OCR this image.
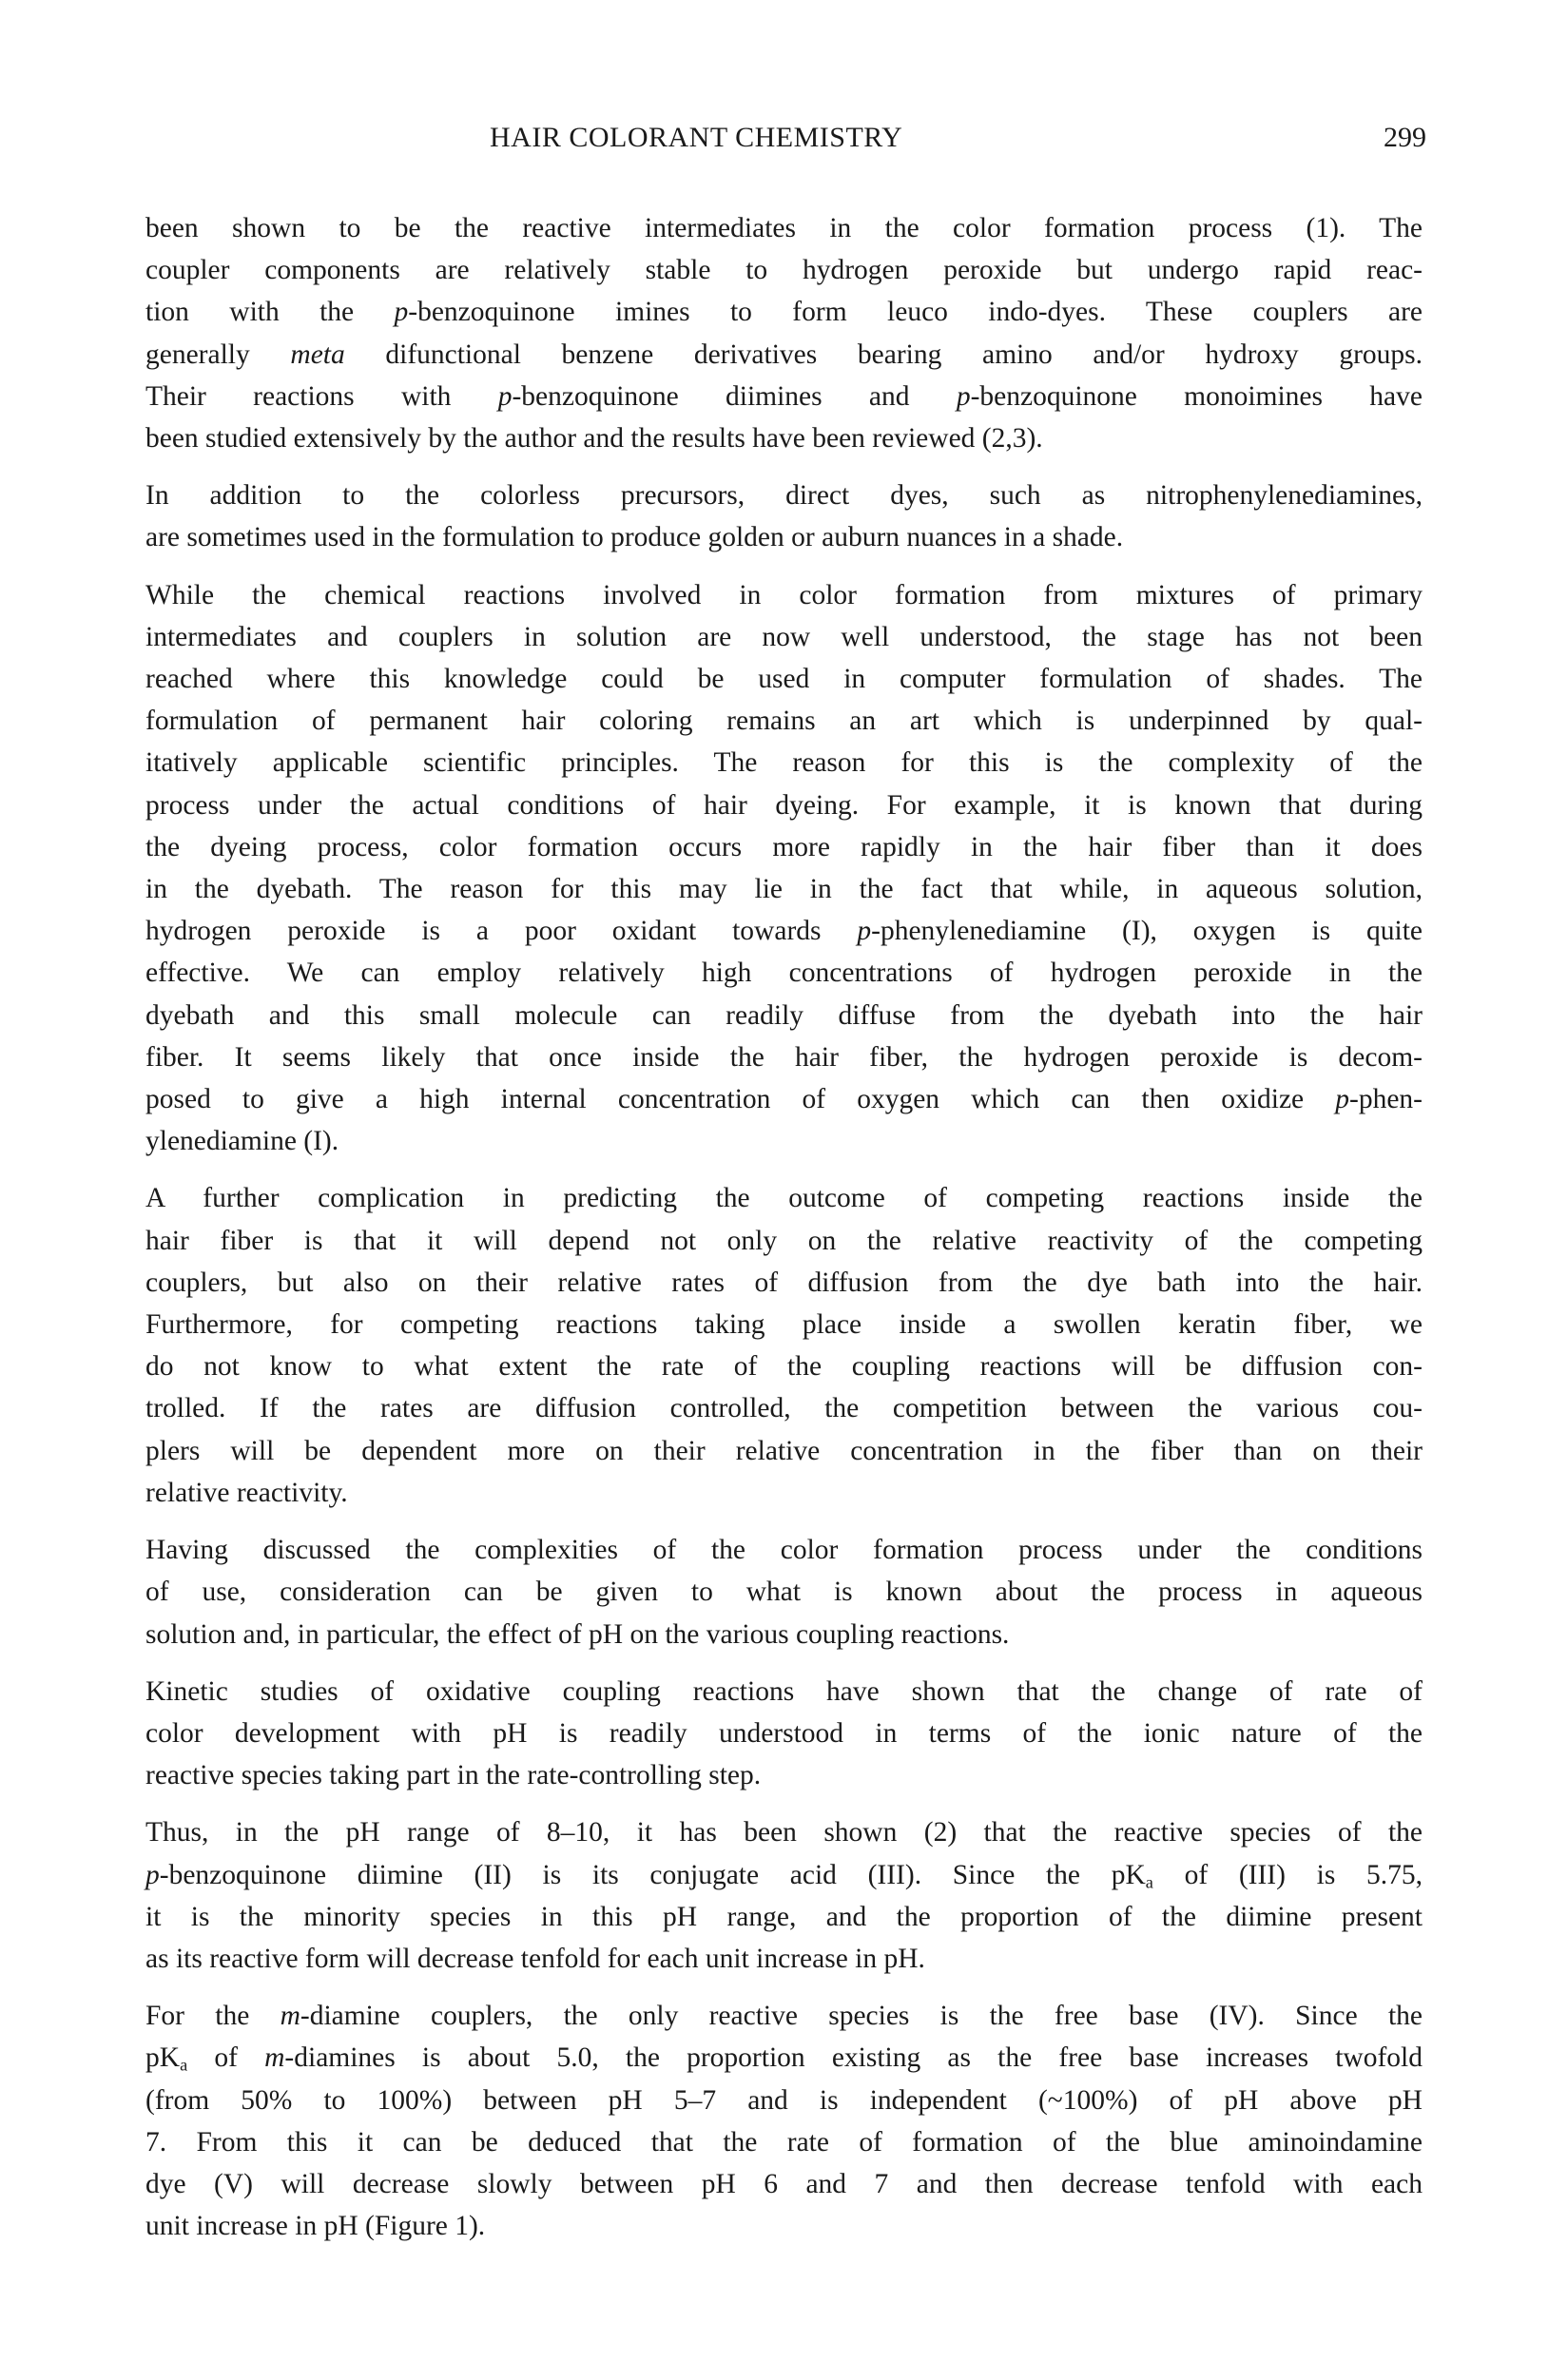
HAIR COLORANT CHEMISTRY	299

been shown to be the reactive intermediates in the color formation process (1). The
coupler components are relatively stable to hydrogen peroxide but undergo rapid reac-
tion with the p-benzoquinone imines to form leuco indo-dyes. These couplers are
generally meta difunctional benzene derivatives bearing amino and/or hydroxy groups.
Their reactions with p-benzoquinone diimines and p-benzoquinone monoimines have
been studied extensively by the author and the results have been reviewed (2,3).

In addition to the colorless precursors, direct dyes, such as nitrophenylenediamines,
are sometimes used in the formulation to produce golden or auburn nuances in a shade.

While the chemical reactions involved in color formation from mixtures of primary
intermediates and couplers in solution are now well understood, the stage has not been
reached where this knowledge could be used in computer formulation of shades. The
formulation of permanent hair coloring remains an art which is underpinned by qual-
itatively applicable scientific principles. The reason for this is the complexity of the
process under the actual conditions of hair dyeing. For example, it is known that during
the dyeing process, color formation occurs more rapidly in the hair fiber than it does
in the dyebath. The reason for this may lie in the fact that while, in aqueous solution,
hydrogen peroxide is a poor oxidant towards p-phenylenediamine (I), oxygen is quite
effective. We can employ relatively high concentrations of hydrogen peroxide in the
dyebath and this small molecule can readily diffuse from the dyebath into the hair
fiber. It seems likely that once inside the hair fiber, the hydrogen peroxide is decom-
posed to give a high internal concentration of oxygen which can then oxidize p-phen-
ylenediamine (I).

A further complication in predicting the outcome of competing reactions inside the
hair fiber is that it will depend not only on the relative reactivity of the competing
couplers, but also on their relative rates of diffusion from the dye bath into the hair.
Furthermore, for competing reactions taking place inside a swollen keratin fiber, we
do not know to what extent the rate of the coupling reactions will be diffusion con-
trolled. If the rates are diffusion controlled, the competition between the various cou-
plers will be dependent more on their relative concentration in the fiber than on their
relative reactivity.

Having discussed the complexities of the color formation process under the conditions
of use, consideration can be given to what is known about the process in aqueous
solution and, in particular, the effect of pH on the various coupling reactions.

Kinetic studies of oxidative coupling reactions have shown that the change of rate of
color development with pH is readily understood in terms of the ionic nature of the
reactive species taking part in the rate-controlling step.

Thus, in the pH range of 8–10, it has been shown (2) that the reactive species of the
p-benzoquinone diimine (II) is its conjugate acid (III). Since the $pK_a$ of (III) is 5.75,
it is the minority species in this pH range, and the proportion of the diimine present
as its reactive form will decrease tenfold for each unit increase in pH.

For the m-diamine couplers, the only reactive species is the free base (IV). Since the
$pK_a$ of m-diamines is about 5.0, the proportion existing as the free base increases twofold
(from 50% to 100%) between pH 5–7 and is independent (~100%) of pH above pH
7. From this it can be deduced that the rate of formation of the blue aminoindamine
dye (V) will decrease slowly between pH 6 and 7 and then decrease tenfold with each
unit increase in pH (Figure 1).
